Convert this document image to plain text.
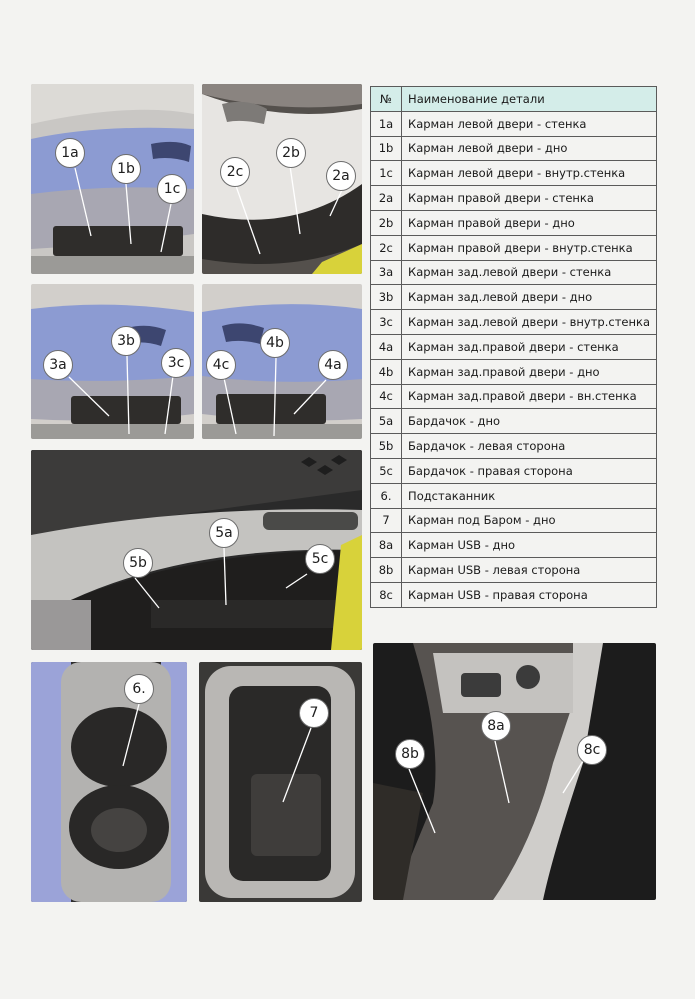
1a
1b
1c
2c
2b
2a
3a
3b
3c	4c
4b
4a
5b
5a
5c
6.
7
8b
8a
8c
№	Наименование детали
1a	Карман левой двери - стенка
1b	Карман левой двери - дно
1c	Карман левой двери - внутр.стенка
2a	Карман правой двери - стенка
2b	Карман правой двери - дно
2c	Карман правой двери - внутр.стенка
3a	Карман зад.левой двери - стенка
3b	Карман зад.левой двери - дно
3c	Карман зад.левой двери - внутр.стенка
4a	Карман зад.правой двери - стенка
4b	Карман зад.правой двери - дно
4c	Карман зад.правой двери - вн.стенка
5a	Бардачок - дно
5b	Бардачок - левая сторона
5c	Бардачок - правая сторона
6.	Подстаканник
7	Карман под Баром - дно
8a	Карман USB - дно
8b	Карман USB - левая сторона
8c	Карман USB - правая сторона
